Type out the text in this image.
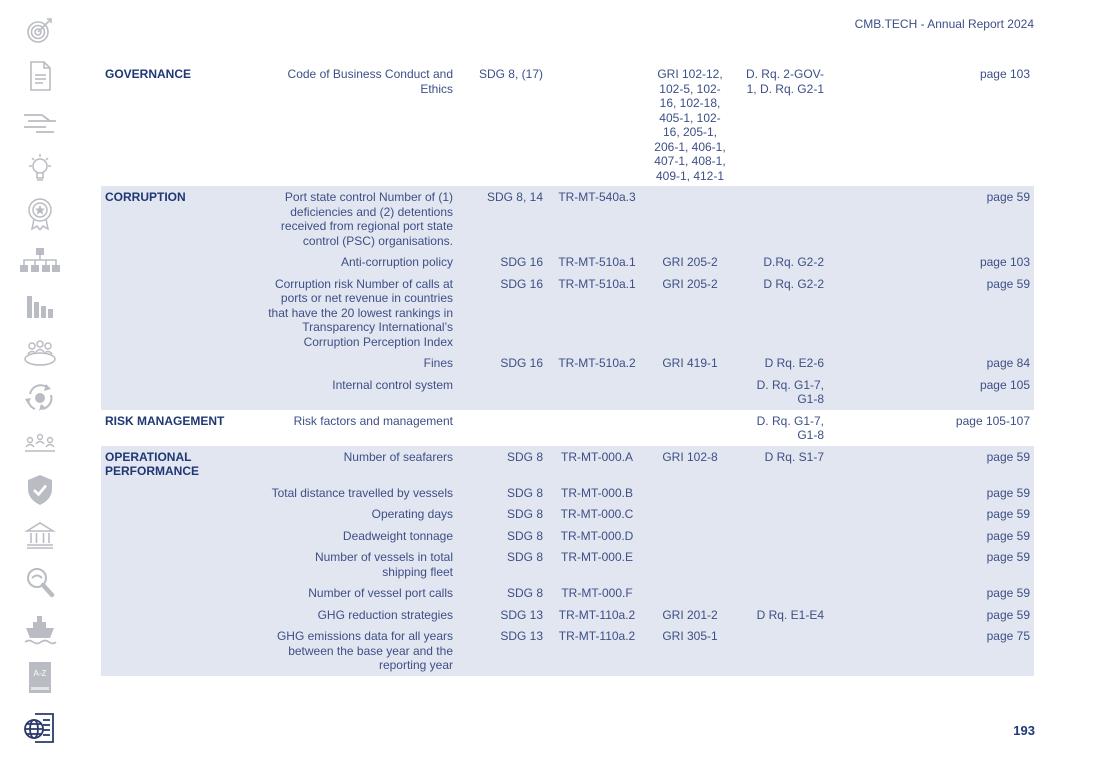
CMB.TECH - Annual Report 2024
A-Z
GOVERNANCE	Code of Business Conduct and Ethics	SDG 8, (17)		GRI 102-12, 102-5, 102-16, 102-18, 405-1, 102-16, 205-1, 206-1, 406-1, 407-1, 408-1, 409-1, 412-1	D. Rq. 2-GOV-1, D. Rq. G2-1		page 103
CORRUPTION	Port state control Number of (1) deficiencies and (2) detentions received from regional port state control (PSC) organisations.	SDG 8, 14	TR-MT-540a.3				page 59
	Anti-corruption policy	SDG 16	TR-MT-510a.1	GRI 205-2	D.Rq. G2-2		page 103
	Corruption risk Number of calls at ports or net revenue in countries that have the 20 lowest rankings in Transparency International’s Corruption Perception Index	SDG 16	TR-MT-510a.1	GRI 205-2	D Rq. G2-2		page 59
	Fines	SDG 16	TR-MT-510a.2	GRI 419-1	D Rq. E2-6		page 84
	Internal control system				D. Rq. G1-7, G1-8		page 105
RISK MANAGEMENT	Risk factors and management				D. Rq. G1-7, G1-8		page 105-107
OPERATIONAL PERFORMANCE	Number of seafarers	SDG 8	TR-MT-000.A	GRI 102-8	D Rq. S1-7		page 59
	Total distance travelled by vessels	SDG 8	TR-MT-000.B				page 59
	Operating days	SDG 8	TR-MT-000.C				page 59
	Deadweight tonnage	SDG 8	TR-MT-000.D				page 59
	Number of vessels in total shipping fleet	SDG 8	TR-MT-000.E				page 59
	Number of vessel port calls	SDG 8	TR-MT-000.F				page 59
	GHG reduction strategies	SDG 13	TR-MT-110a.2	GRI 201-2	D Rq. E1-E4		page 59
	GHG emissions data for all years between the base year and the reporting year	SDG 13	TR-MT-110a.2	GRI 305-1			page 75
193
